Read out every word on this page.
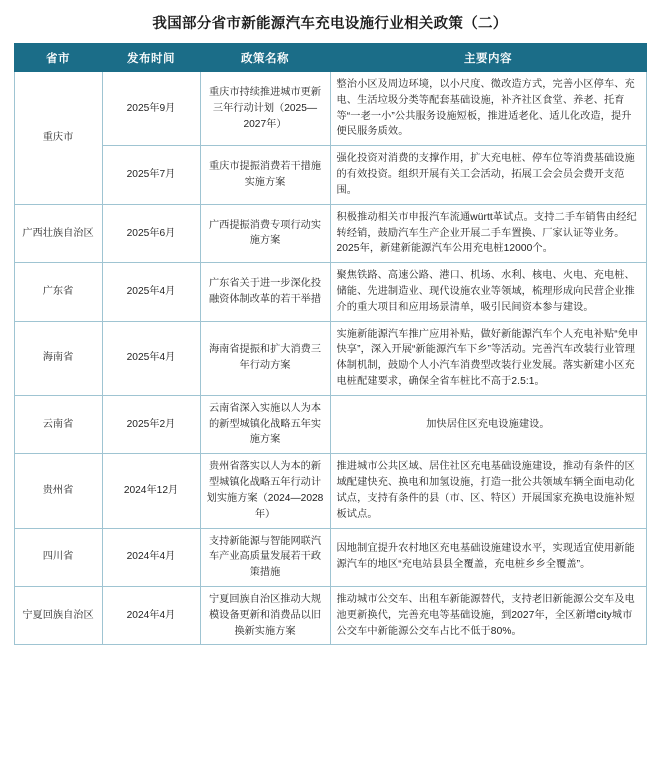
我国部分省市新能源汽车充电设施行业相关政策（二）
省市	发布时间	政策名称	主要内容
重庆市	2025年9月	重庆市持续推进城市更新三年行动计划（2025—2027年）	整治小区及周边环境，以小尺度、微改造方式，完善小区停车、充电、生活垃圾分类等配套基础设施，补齐社区食堂、养老、托育等“一老一小”公共服务设施短板，推进适老化、适儿化改造，提升便民服务质效。
	2025年7月	重庆市提振消费若干措施实施方案	强化投资对消费的支撑作用，扩大充电桩、停车位等消费基础设施的有效投资。组织开展有关工会活动，拓展工会会员会费开支范围。
广西壮族自治区	2025年6月	广西提振消费专项行动实施方案	积极推动相关市申报汽车流通württ革试点。支持二手车销售由经纪转经销，鼓励汽车生产企业开展二手车置换、厂家认证等业务。2025年，新建新能源汽车公用充电桩12000个。
广东省	2025年4月	广东省关于进一步深化投融资体制改革的若干举措	聚焦铁路、高速公路、港口、机场、水利、核电、火电、充电桩、储能、先进制造业、现代设施农业等领域，梳理形成向民营企业推介的重大项目和应用场景清单，吸引民间资本参与建设。
海南省	2025年4月	海南省提振和扩大消费三年行动方案	实施新能源汽车推广应用补贴，做好新能源汽车个人充电补贴“免申快享”，深入开展“新能源汽车下乡”等活动。完善汽车改装行业管理体制机制，鼓励个人小汽车消费型改装行业发展。落实新建小区充电桩配建要求，确保全省车桩比不高于2.5:1。
云南省	2025年2月	云南省深入实施以人为本的新型城镇化战略五年实施方案	加快居住区充电设施建设。
贵州省	2024年12月	贵州省落实以人为本的新型城镇化战略五年行动计划实施方案（2024—2028年）	推进城市公共区域、居住社区充电基础设施建设，推动有条件的区域配建快充、换电和加氢设施，打造一批公共领域车辆全面电动化试点，支持有条件的县（市、区、特区）开展国家充换电设施补短板试点。
四川省	2024年4月	支持新能源与智能网联汽车产业高质量发展若干政策措施	因地制宜提升农村地区充电基础设施建设水平，实现适宜使用新能源汽车的地区“充电站县县全覆盖，充电桩乡乡全覆盖”。
宁夏回族自治区	2024年4月	宁夏回族自治区推动大规模设备更新和消费品以旧换新实施方案	推动城市公交车、出租车新能源替代，支持老旧新能源公交车及电池更新换代，完善充电等基础设施，到2027年，全区新增city城市公交车中新能源公交车占比不低于80%。
